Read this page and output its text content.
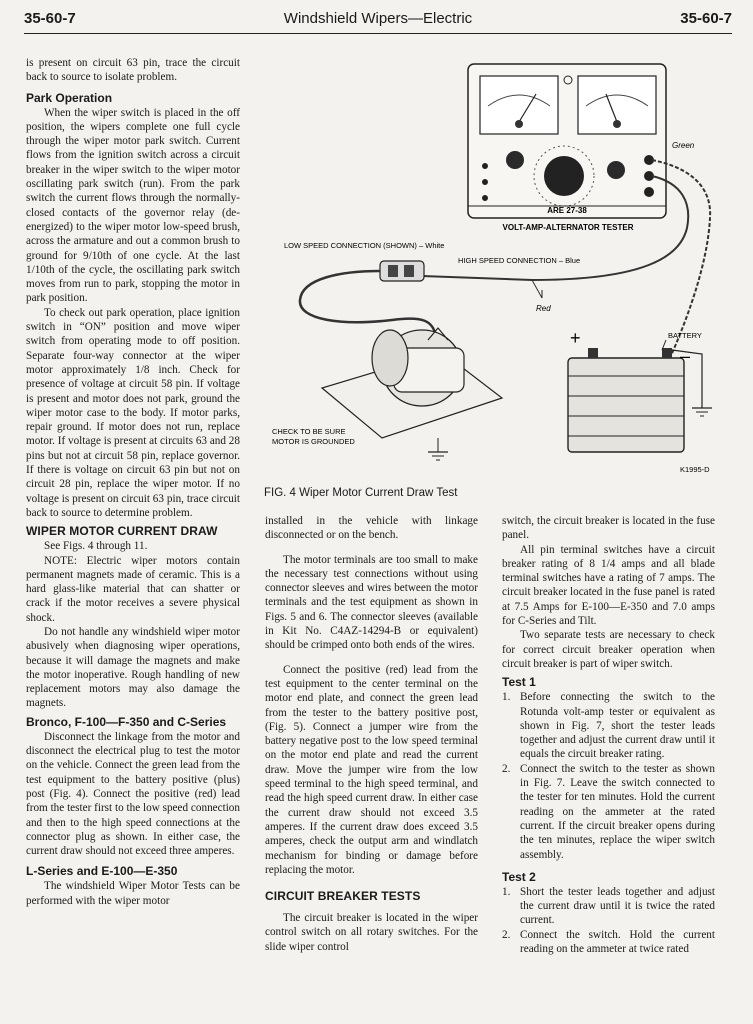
35-60-7	Windshield Wipers—Electric	35-60-7

is present on circuit 63 pin, trace the circuit back to source to isolate problem.

Park Operation

When the wiper switch is placed in the off position, the wipers complete one full cycle through the wiper motor park switch. Current flows from the ignition switch across a circuit breaker in the wiper switch to the wiper motor oscillating park switch (run). From the park switch the current flows through the normally-closed contacts of the governor relay (de-energized) to the wiper motor low-speed brush, across the armature and out a common brush to ground for 9/10th of one cycle. At the last 1/10th of the cycle, the oscillating park switch moves from run to park, stopping the motor in park position.

To check out park operation, place ignition switch in “ON” position and move wiper switch from operating mode to off position. Separate four-way connector at the wiper motor approximately 1/8 inch. Check for presence of voltage at circuit 58 pin. If voltage is present and motor does not park, ground the wiper motor case to the body. If motor parks, repair ground. If motor does not run, replace motor. If voltage is present at circuits 63 and 28 pins but not at circuit 58 pin, replace governor. If there is voltage on circuit 63 pin but not on circuit 28 pin, replace the wiper motor. If no voltage is present on circuit 63 pin, trace circuit back to source to determine problem.

WIPER MOTOR CURRENT DRAW

See Figs. 4 through 11.

NOTE: Electric wiper motors contain permanent magnets made of ceramic. This is a hard glass-like material that can shatter or crack if the motor receives a severe physical shock.

Do not handle any windshield wiper motor abusively when diagnosing wiper operations, because it will damage the magnets and make the motor inoperative. Rough handling of new replacement motors may also damage the magnets.

Bronco, F-100—F-350 and C-Series

Disconnect the linkage from the motor and disconnect the electrical plug to test the motor on the vehicle. Connect the green lead from the test equipment to the battery positive (plus) post (Fig. 4). Connect the positive (red) lead from the tester first to the low speed connection and then to the high speed connections at the connector plug as shown. In either case, the current draw should not exceed three amperes.

L-Series and E-100—E-350

The windshield Wiper Motor Tests can be performed with the wiper motor

ARE 27-38
VOLT-AMP-ALTERNATOR TESTER
Green
LOW SPEED CONNECTION (SHOWN) – White
HIGH SPEED CONNECTION – Blue
Red
CHECK TO BE SURE
MOTOR IS GROUNDED
BATTERY
+
–
K1995-D
FIG. 4 Wiper Motor Current Draw Test

installed in the vehicle with linkage disconnected or on the bench.

The motor terminals are too small to make the necessary test connections without using connector sleeves and wires between the motor terminals and the test equipment as shown in Figs. 5 and 6. The connector sleeves (available in Kit No. C4AZ-14294-B or equivalent) should be crimped onto both ends of the wires.

Connect the positive (red) lead from the test equipment to the center terminal on the motor end plate, and connect the green lead from the tester to the battery positive post, (Fig. 5). Connect a jumper wire from the battery negative post to the low speed terminal on the motor end plate and read the current draw. Move the jumper wire from the low speed terminal to the high speed terminal, and read the high speed current draw. In either case the current draw should not exceed 3.5 amperes. If the current draw does exceed 3.5 amperes, check the output arm and windlatch mechanism for binding or damage before replacing the motor.

CIRCUIT BREAKER TESTS

The circuit breaker is located in the wiper control switch on all rotary switches. For the slide wiper control

switch, the circuit breaker is located in the fuse panel.

All pin terminal switches have a circuit breaker rating of 8 1/4 amps and all blade terminal switches have a rating of 7 amps. The circuit breaker located in the fuse panel is rated at 7.5 Amps for E-100—E-350 and 7.0 amps for C-Series and Tilt.

Two separate tests are necessary to check for correct circuit breaker operation when circuit breaker is part of wiper switch.

Test 1
1. Before connecting the switch to the Rotunda volt-amp tester or equivalent as shown in Fig. 7, short the tester leads together and adjust the current draw until it equals the circuit breaker rating.
2. Connect the switch to the tester as shown in Fig. 7. Leave the switch connected to the tester for ten minutes. Hold the current reading on the ammeter at the rated current. If the circuit breaker opens during the ten minutes, replace the wiper switch assembly.
Test 2
1. Short the tester leads together and adjust the current draw until it is twice the rated current.
2. Connect the switch. Hold the current reading on the ammeter at twice rated
